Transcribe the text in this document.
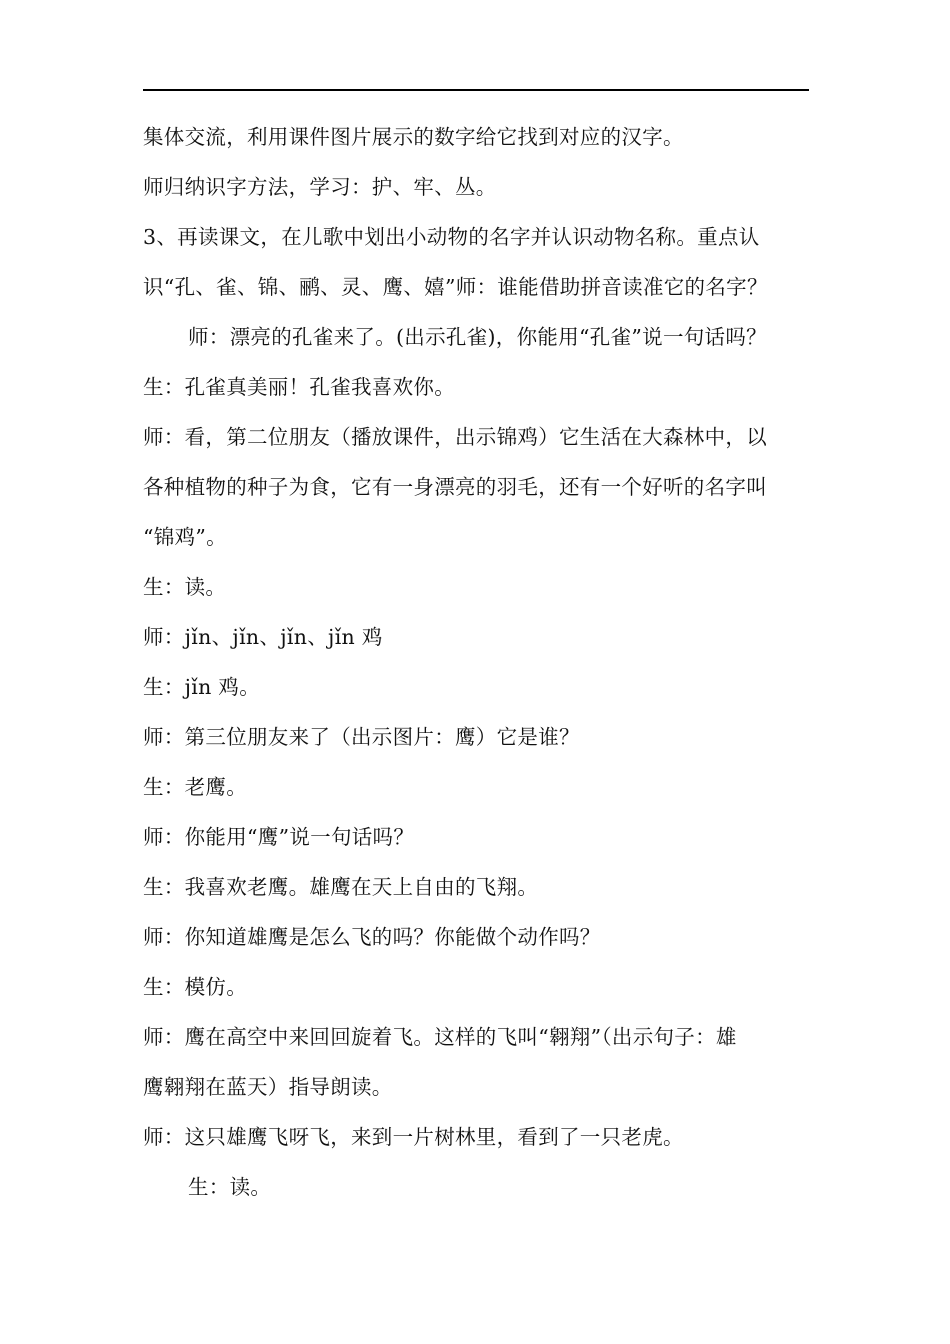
集体交流，利用课件图片展示的数字给它找到对应的汉字。
师归纳识字方法，学习：护、牢、丛。
3、再读课文，在儿歌中划出小动物的名字并认识动物名称。重点认
识“孔、雀、锦、鹂、灵、鹰、嬉”师：谁能借助拼音读准它的名字？
师：漂亮的孔雀来了。(出示孔雀)，你能用“孔雀”说一句话吗？
生：孔雀真美丽！孔雀我喜欢你。
师：看，第二位朋友（播放课件，出示锦鸡）它生活在大森林中，以
各种植物的种子为食，它有一身漂亮的羽毛，还有一个好听的名字叫
“锦鸡”。
生：读。
师：jǐn、jǐn、jǐn、jǐn 鸡
生：jǐn 鸡。
师：第三位朋友来了（出示图片：鹰）它是谁？
生：老鹰。
师：你能用“鹰”说一句话吗？
生：我喜欢老鹰。雄鹰在天上自由的飞翔。
师：你知道雄鹰是怎么飞的吗？你能做个动作吗？
生：模仿。
师：鹰在高空中来回回旋着飞。这样的飞叫“翱翔”（出示句子：雄
鹰翱翔在蓝天）指导朗读。
师：这只雄鹰飞呀飞，来到一片树林里，看到了一只老虎。
生：读。
